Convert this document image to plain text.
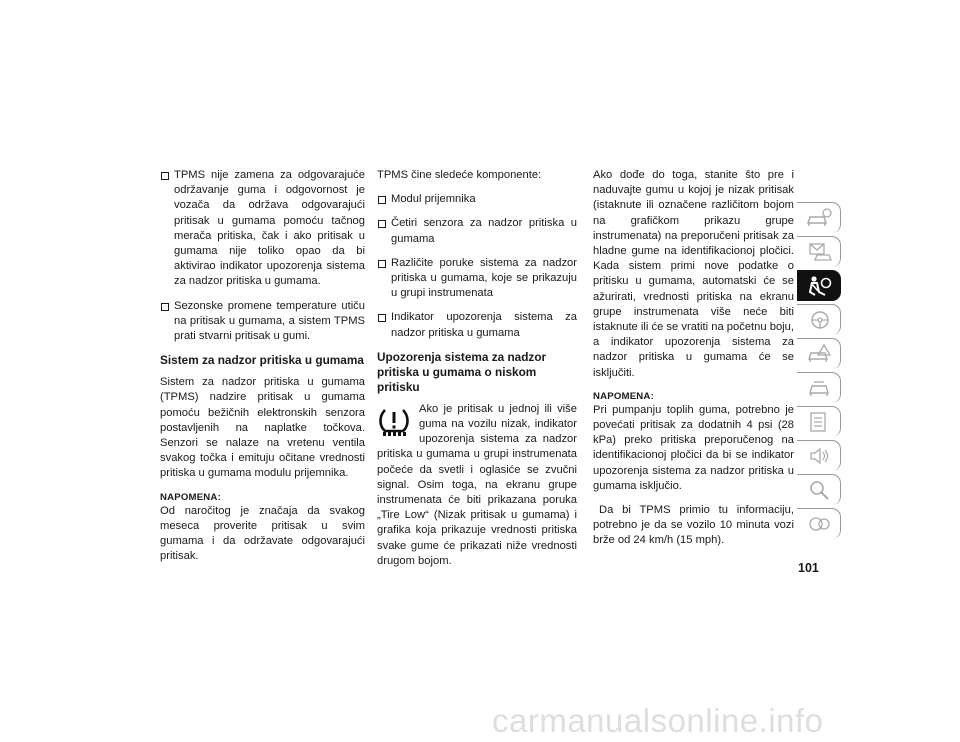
TPMS nije zamena za odgovarajuće održavanje guma i odgovornost je vozača da održava odgovarajući pritisak u gumama pomoću tačnog merača pritiska, čak i ako pritisak u gumama nije toliko opao da bi aktivirao indikator upozorenja sistema za nadzor pritiska u gumama.
Sezonske promene temperature utiču na pritisak u gumama, a sistem TPMS prati stvarni pritisak u gumi.
Sistem za nadzor pritiska u gumama

Sistem za nadzor pritiska u gumama (TPMS) nadzire pritisak u gumama pomoću bežičnih elektronskih senzora postavljenih na naplatke točkova. Senzori se nalaze na vretenu ventila svakog točka i emituju očitane vrednosti pritiska u gumama modulu prijemnika.

NAPOMENA:

Od naročitog je značaja da svakog meseca proverite pritisak u svim gumama i da održavate odgovarajući pritisak.

TPMS čine sledeće komponente:

Modul prijemnika
Četiri senzora za nadzor pritiska u gumama
Različite poruke sistema za nadzor pritiska u gumama, koje se prikazuju u grupi instrumenata
Indikator upozorenja sistema za nadzor pritiska u gumama
Upozorenja sistema za nadzor pritiska u gumama o niskom pritisku
Ako je pritisak u jednoj ili više guma na vozilu nizak, indikator upozorenja sistema za nadzor pritiska u gumama u grupi instrumenata počeće da svetli i oglasiće se zvučni signal. Osim toga, na ekranu grupe instrumenata će biti prikazana poruka „Tire Low“ (Nizak pritisak u gumama) i grafika koja prikazuje vrednosti pritiska svake gume će prikazati niže vrednosti drugom bojom.

Ako dođe do toga, stanite što pre i naduvajte gumu u kojoj je nizak pritisak (istaknute ili označene različitom bojom na grafičkom prikazu grupe instrumenata) na preporučeni pritisak za hladne gume na identifikacionoj pločici. Kada sistem primi nove podatke o pritisku u gumama, automatski će se ažurirati, vrednosti pritiska na ekranu grupe instrumenata više neće biti istaknute ili će se vratiti na početnu boju, a indikator upozorenja sistema za nadzor pritiska u gumama će se isključiti.

NAPOMENA:

Pri pumpanju toplih guma, potrebno je povećati pritisak za dodatnih 4 psi (28 kPa) preko pritiska preporučenog na identifikacionoj pločici da bi se indikator upozorenja sistema za nadzor pritiska u gumama isključio.

Da bi TPMS primio tu informaciju, potrebno je da se vozilo 10 minuta vozi brže od 24 km/h (15 mph).

101
carmanualsonline.info
